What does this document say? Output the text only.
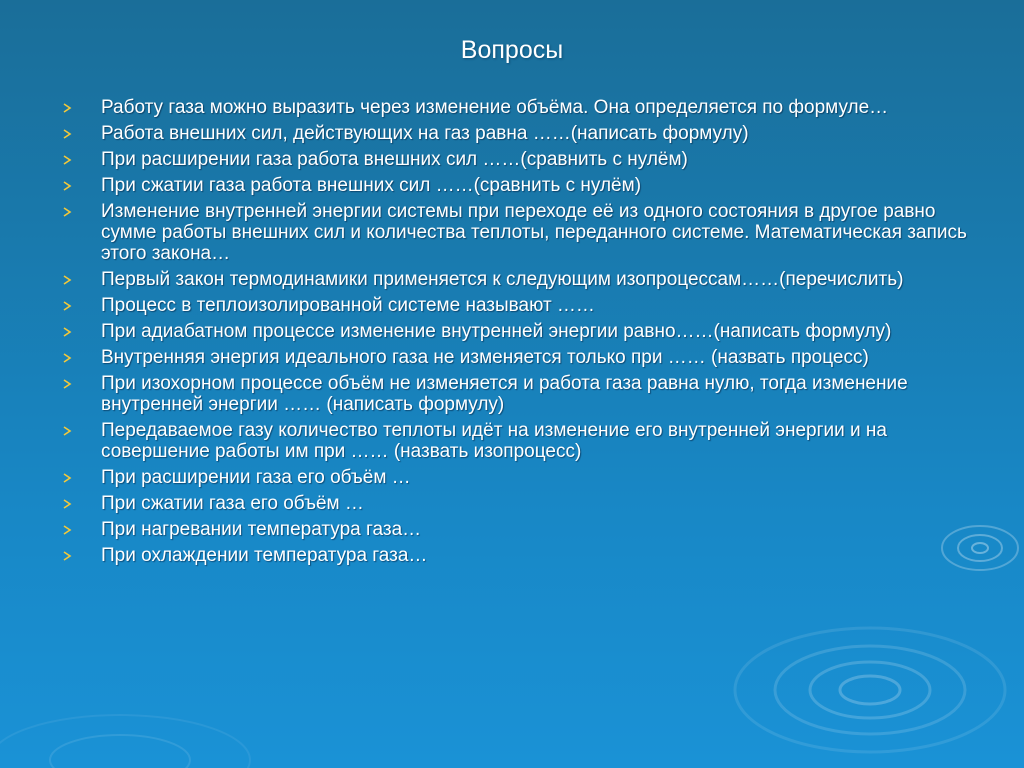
Вопросы
Работу газа можно выразить через изменение объёма. Она определяется по формуле…
Работа внешних сил, действующих на газ равна ……(написать формулу)
При расширении газа работа внешних сил ……(сравнить с нулём)
При сжатии газа работа внешних сил ……(сравнить с нулём)
Изменение внутренней энергии системы при переходе её из одного состояния в другое равно сумме работы внешних сил и количества теплоты, переданного системе. Математическая запись этого закона…
Первый закон термодинамики применяется к следующим изопроцессам……(перечислить)
Процесс в теплоизолированной системе называют ……
При адиабатном процессе изменение внутренней энергии равно……(написать формулу)
Внутренняя энергия идеального газа не изменяется только при …… (назвать процесс)
При изохорном процессе объём не изменяется и работа газа равна нулю, тогда изменение внутренней энергии …… (написать формулу)
Передаваемое газу количество теплоты идёт на изменение его внутренней энергии и на совершение работы им при …… (назвать изопроцесс)
При расширении газа его объём …
При сжатии газа его объём …
При нагревании температура газа…
При охлаждении температура газа…
